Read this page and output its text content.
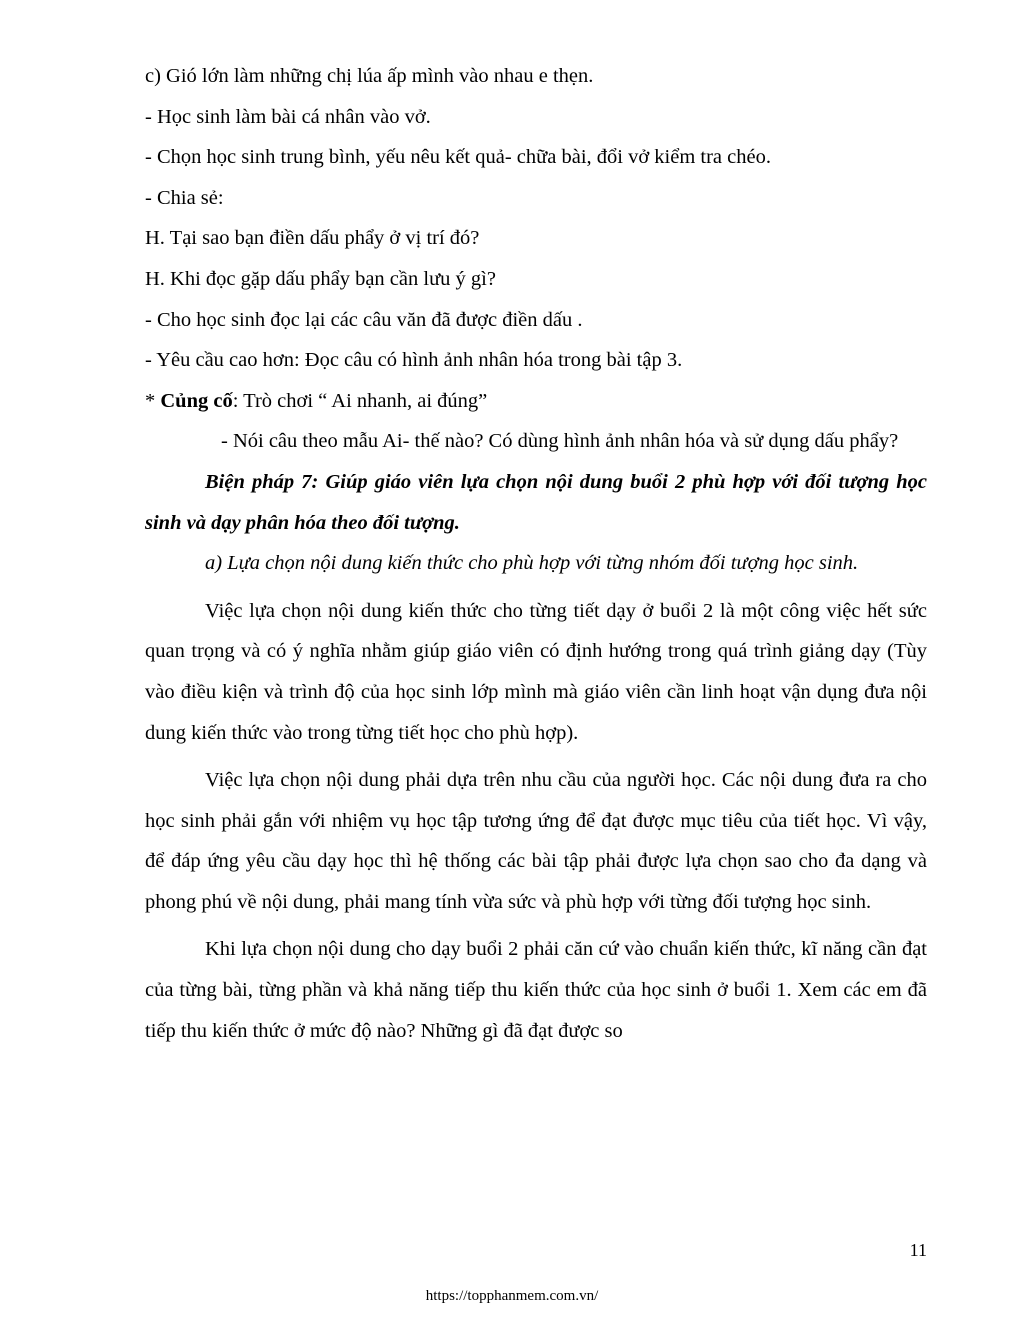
c) Gió lớn làm những chị lúa ấp mình vào nhau e thẹn.

- Học sinh làm bài cá nhân vào vở.

- Chọn học sinh trung bình, yếu nêu kết quả- chữa bài, đổi vở kiểm tra chéo.

- Chia sẻ:

H. Tại sao bạn điền dấu phẩy ở vị trí đó?

H. Khi đọc gặp dấu phẩy bạn cần lưu ý gì?

- Cho học sinh đọc lại các câu văn đã được điền dấu .

- Yêu cầu cao hơn: Đọc câu có hình ảnh nhân hóa trong bài tập 3.

* Củng cố: Trò chơi “ Ai nhanh, ai đúng”

- Nói câu theo mẫu Ai- thế nào? Có dùng hình ảnh nhân hóa và sử dụng dấu phẩy?

Biện pháp 7: Giúp giáo viên lựa chọn nội dung buổi 2 phù hợp với đối tượng học sinh và dạy phân hóa theo đối tượng.

a) Lựa chọn nội dung kiến thức cho phù hợp với từng nhóm đối tượng học sinh.

Việc lựa chọn nội dung kiến thức cho từng tiết dạy ở buổi 2 là một công việc hết sức quan trọng và có ý nghĩa nhằm giúp giáo viên có định hướng trong quá trình giảng dạy (Tùy vào điều kiện và trình độ của học sinh lớp mình mà giáo viên cần linh hoạt vận dụng đưa nội dung kiến thức vào trong từng tiết học cho phù hợp).

Việc lựa chọn nội dung phải dựa trên nhu cầu của người học. Các nội dung đưa ra cho học sinh phải gắn với nhiệm vụ học tập tương ứng để đạt được mục tiêu của tiết học. Vì vậy, để đáp ứng yêu cầu dạy học thì hệ thống các bài tập phải được lựa chọn sao cho đa dạng và phong phú về nội dung, phải mang tính vừa sức và phù hợp với từng đối tượng học sinh.

Khi lựa chọn nội dung cho dạy buổi 2 phải căn cứ vào chuẩn kiến thức, kĩ năng cần đạt của từng bài, từng phần và khả năng tiếp thu kiến thức của học sinh ở buổi 1. Xem các em đã tiếp thu kiến thức ở mức độ nào? Những gì đã đạt được so

11
https://topphanmem.com.vn/
